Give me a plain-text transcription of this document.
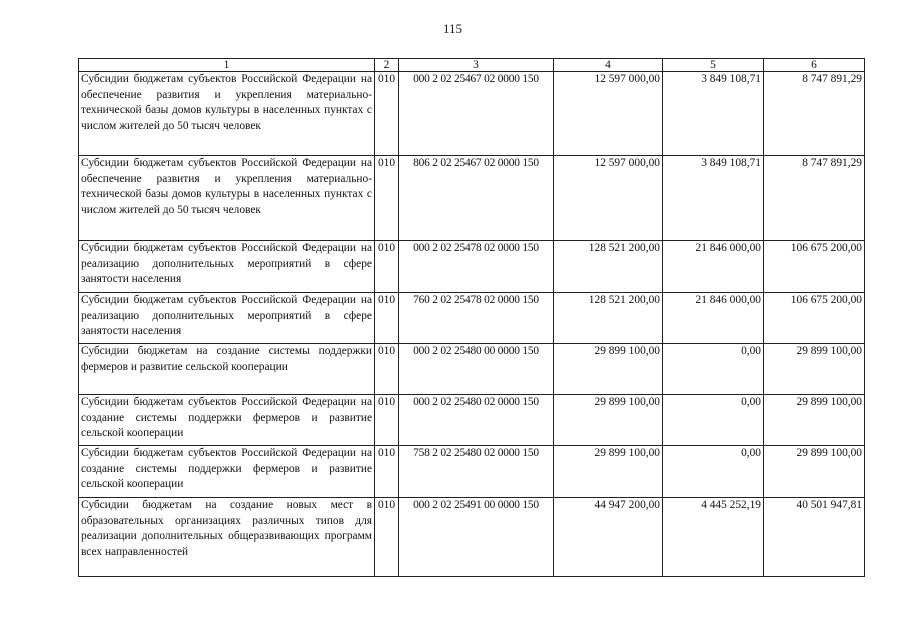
115
1	2	3	4	5	6
Субсидии бюджетам субъектов Российской Федерации на обеспечение развития и укрепления материально-технической базы домов культуры в населенных пунктах с числом жителей до 50 тысяч человек	010	000 2 02 25467 02 0000 150	12 597 000,00	3 849 108,71	8 747 891,29
Субсидии бюджетам субъектов Российской Федерации на обеспечение развития и укрепления материально-технической базы домов культуры в населенных пунктах с числом жителей до 50 тысяч человек	010	806 2 02 25467 02 0000 150	12 597 000,00	3 849 108,71	8 747 891,29
Субсидии бюджетам субъектов Российской Федерации на реализацию дополнительных мероприятий в сфере занятости населения	010	000 2 02 25478 02 0000 150	128 521 200,00	21 846 000,00	106 675 200,00
Субсидии бюджетам субъектов Российской Федерации на реализацию дополнительных мероприятий в сфере занятости населения	010	760 2 02 25478 02 0000 150	128 521 200,00	21 846 000,00	106 675 200,00
Субсидии бюджетам на создание системы поддержки фермеров и развитие сельской кооперации	010	000 2 02 25480 00 0000 150	29 899 100,00	0,00	29 899 100,00
Субсидии бюджетам субъектов Российской Федерации на создание системы поддержки фермеров и развитие сельской кооперации	010	000 2 02 25480 02 0000 150	29 899 100,00	0,00	29 899 100,00
Субсидии бюджетам субъектов Российской Федерации на создание системы поддержки фермеров и развитие сельской кооперации	010	758 2 02 25480 02 0000 150	29 899 100,00	0,00	29 899 100,00
Субсидии бюджетам на создание новых мест в образовательных организациях различных типов для реализации дополнительных общеразвивающих программ всех направленностей	010	000 2 02 25491 00 0000 150	44 947 200,00	4 445 252,19	40 501 947,81
